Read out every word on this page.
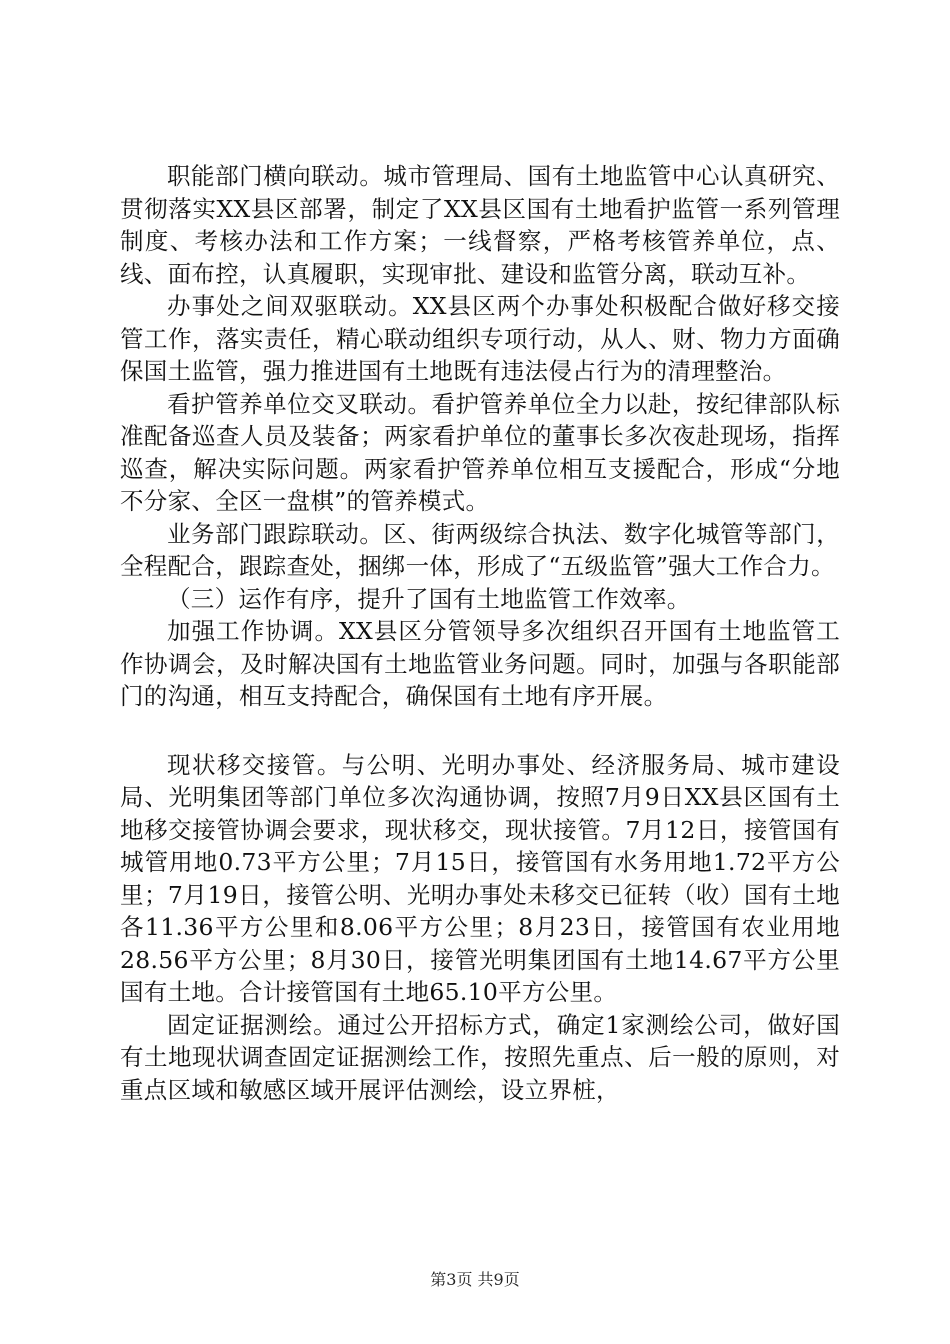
职能部门横向联动。城市管理局、国有土地监管中心认真研究、贯彻落实XX县区部署，制定了XX县区国有土地看护监管一系列管理制度、考核办法和工作方案；一线督察，严格考核管养单位，点、线、面布控，认真履职，实现审批、建设和监管分离，联动互补。

办事处之间双驱联动。XX县区两个办事处积极配合做好移交接管工作，落实责任，精心联动组织专项行动，从人、财、物力方面确保国土监管，强力推进国有土地既有违法侵占行为的清理整治。

看护管养单位交叉联动。看护管养单位全力以赴，按纪律部队标准配备巡查人员及装备；两家看护单位的董事长多次夜赴现场，指挥巡查，解决实际问题。两家看护管养单位相互支援配合，形成“分地不分家、全区一盘棋”的管养模式。

业务部门跟踪联动。区、街两级综合执法、数字化城管等部门，全程配合，跟踪查处，捆绑一体，形成了“五级监管”强大工作合力。

（三）运作有序，提升了国有土地监管工作效率。

加强工作协调。XX县区分管领导多次组织召开国有土地监管工作协调会，及时解决国有土地监管业务问题。同时，加强与各职能部门的沟通，相互支持配合，确保国有土地有序开展。

现状移交接管。与公明、光明办事处、经济服务局、城市建设局、光明集团等部门单位多次沟通协调，按照7月9日XX县区国有土地移交接管协调会要求，现状移交，现状接管。7月12日，接管国有城管用地0.73平方公里；7月15日，接管国有水务用地1.72平方公里；7月19日，接管公明、光明办事处未移交已征转（收）国有土地各11.36平方公里和8.06平方公里；8月23日，接管国有农业用地28.56平方公里；8月30日，接管光明集团国有土地14.67平方公里国有土地。合计接管国有土地65.10平方公里。

固定证据测绘。通过公开招标方式，确定1家测绘公司，做好国有土地现状调查固定证据测绘工作，按照先重点、后一般的原则，对重点区域和敏感区域开展评估测绘，设立界桩，

第3页 共9页
